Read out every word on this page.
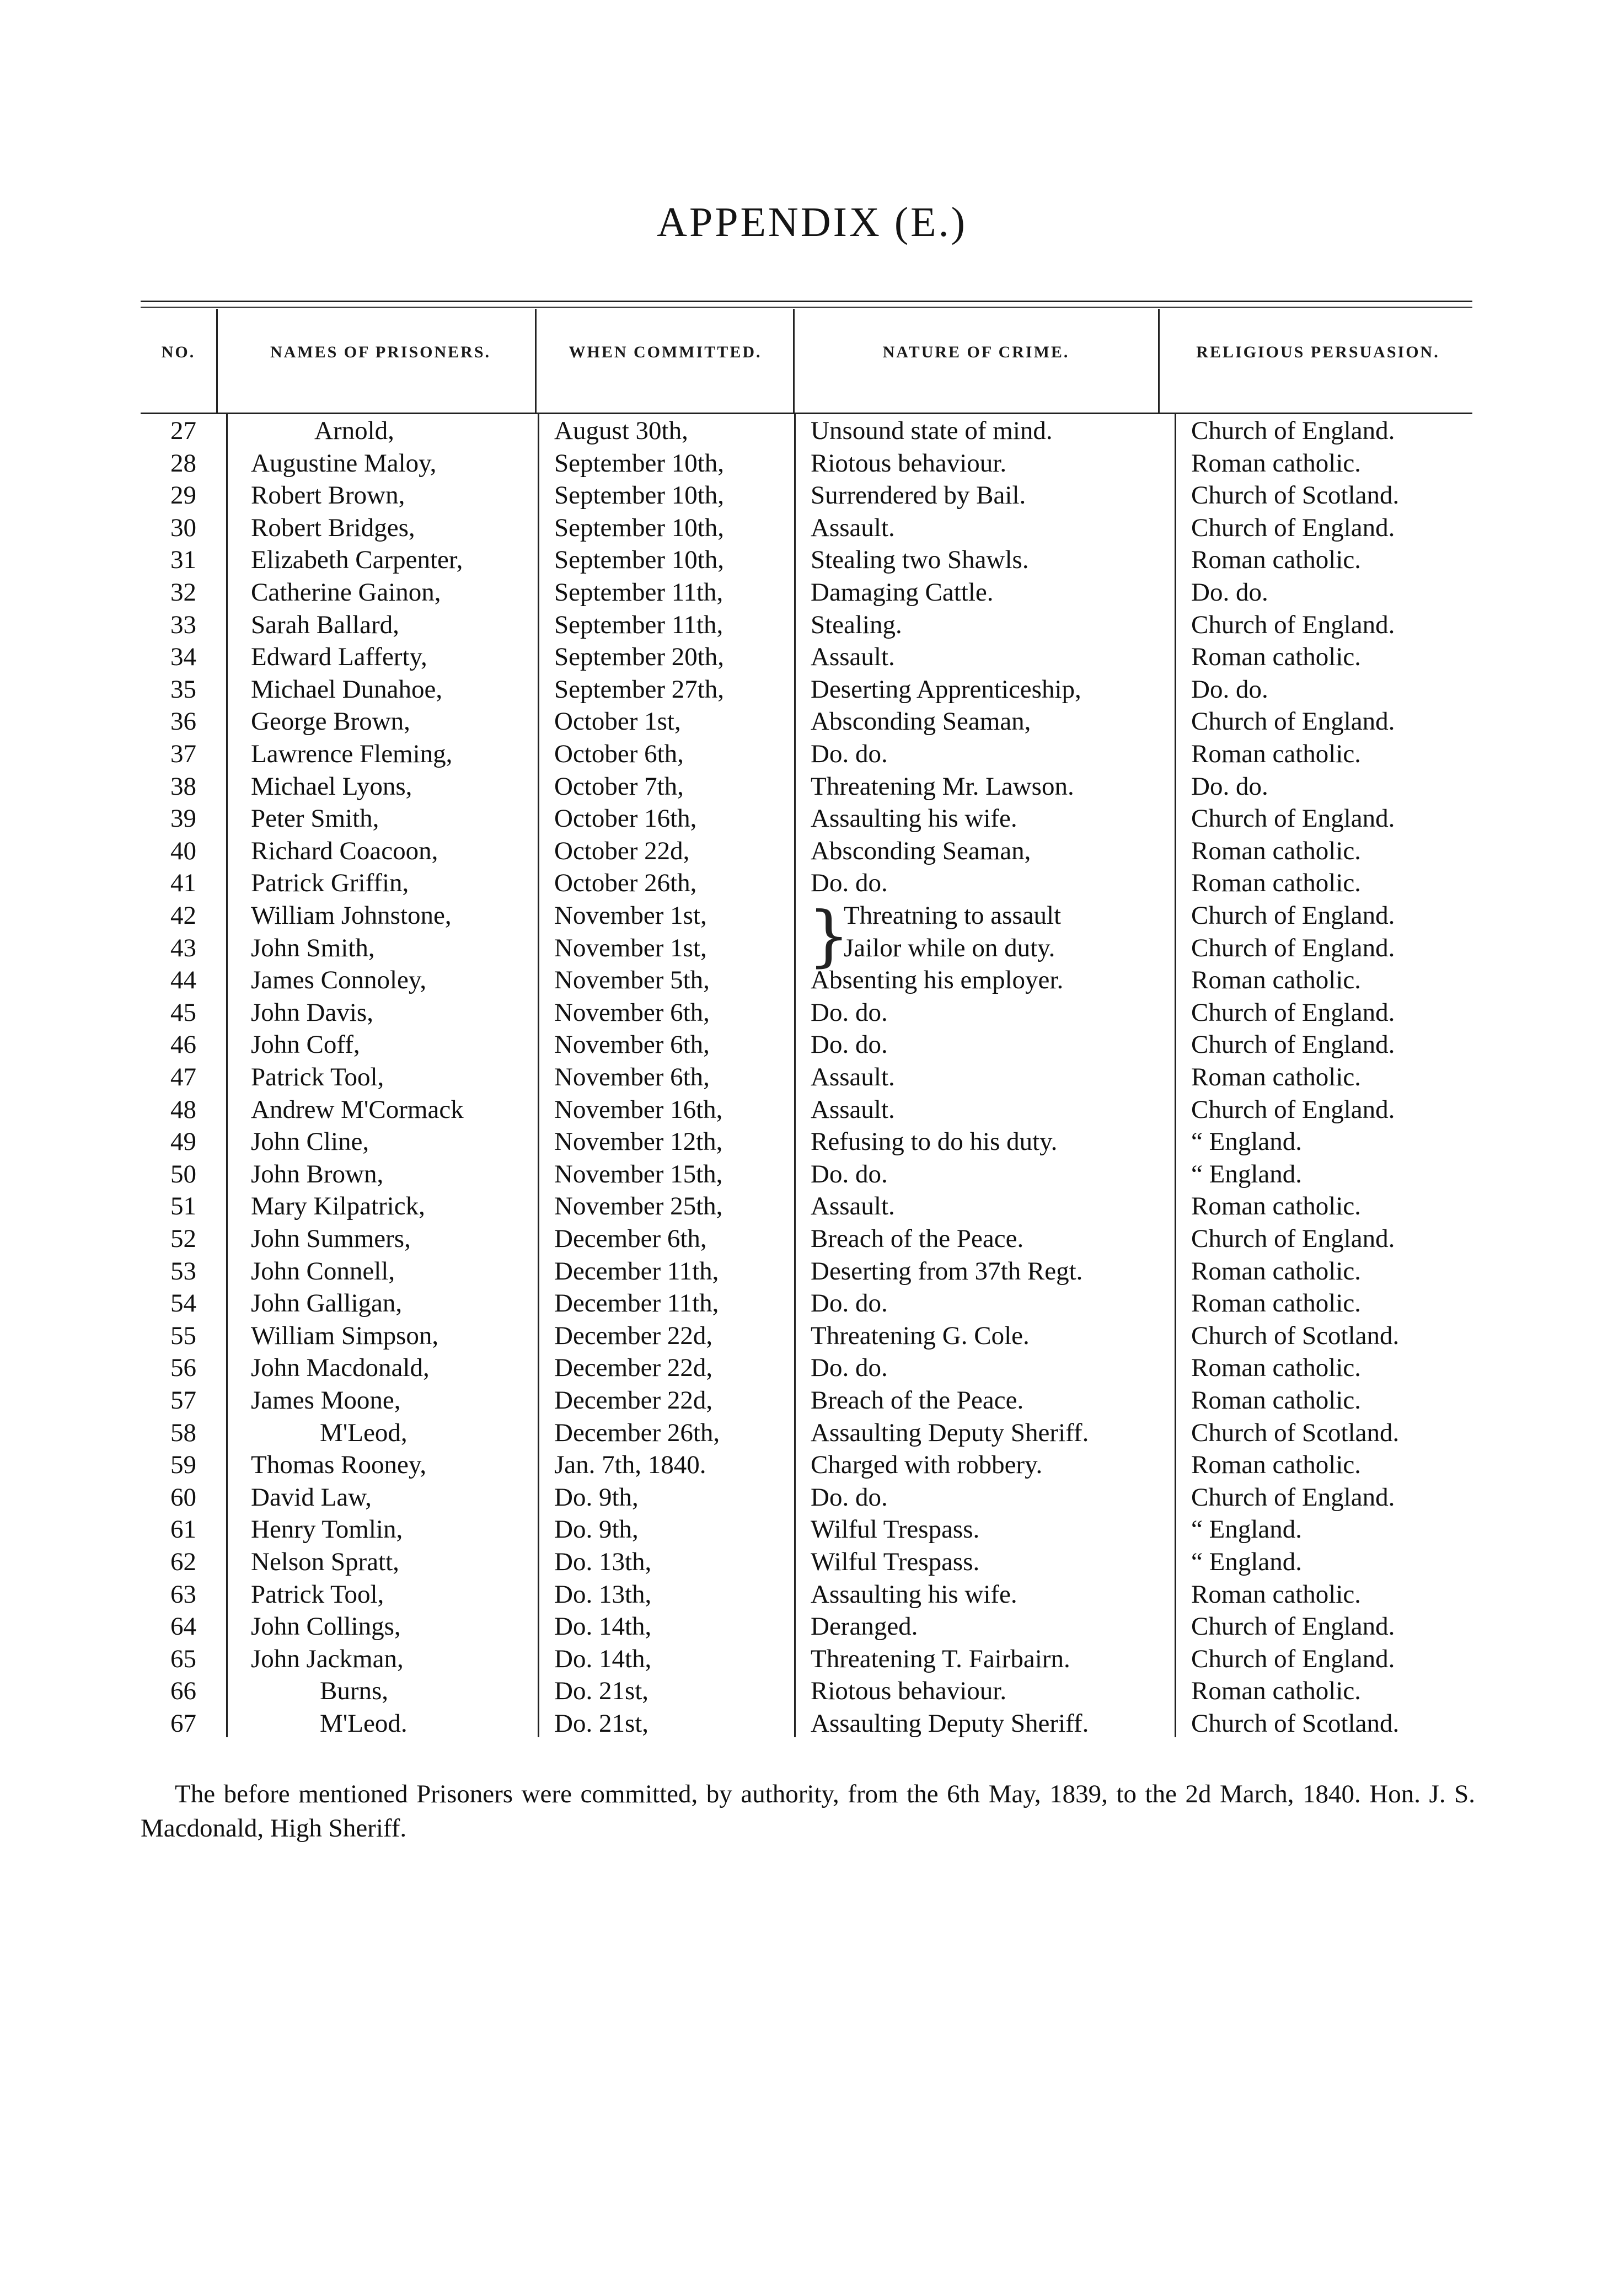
APPENDIX (E.)
NO.	NAMES OF PRISONERS.	WHEN COMMITTED.	NATURE OF CRIME.	RELIGIOUS PERSUASION.
27	Arnold,	August 30th,	Unsound state of mind.	Church of England.
28	Augustine Maloy,	September 10th,	Riotous behaviour.	Roman catholic.
29	Robert Brown,	September 10th,	Surrendered by Bail.	Church of Scotland.
30	Robert Bridges,	September 10th,	Assault.	Church of England.
31	Elizabeth Carpenter,	September 10th,	Stealing two Shawls.	Roman catholic.
32	Catherine Gainon,	September 11th,	Damaging Cattle.	Do. do.
33	Sarah Ballard,	September 11th,	Stealing.	Church of England.
34	Edward Lafferty,	September 20th,	Assault.	Roman catholic.
35	Michael Dunahoe,	September 27th,	Deserting Apprenticeship,	Do. do.
36	George Brown,	October 1st,	Absconding Seaman,	Church of England.
37	Lawrence Fleming,	October 6th,	Do. do.	Roman catholic.
38	Michael Lyons,	October 7th,	Threatening Mr. Lawson.	Do. do.
39	Peter Smith,	October 16th,	Assaulting his wife.	Church of England.
40	Richard Coacoon,	October 22d,	Absconding Seaman,	Roman catholic.
41	Patrick Griffin,	October 26th,	Do. do.	Roman catholic.
42	William Johnstone,	November 1st,	Threatning to assault	Church of England.
43	John Smith,	November 1st,	Jailor while on duty.	Church of England.
44	James Connoley,	November 5th,	Absenting his employer.	Roman catholic.
45	John Davis,	November 6th,	Do. do.	Church of England.
46	John Coff,	November 6th,	Do. do.	Church of England.
47	Patrick Tool,	November 6th,	Assault.	Roman catholic.
48	Andrew M'Cormack	November 16th,	Assault.	Church of England.
49	John Cline,	November 12th,	Refusing to do his duty.	“ England.
50	John Brown,	November 15th,	Do. do.	“ England.
51	Mary Kilpatrick,	November 25th,	Assault.	Roman catholic.
52	John Summers,	December 6th,	Breach of the Peace.	Church of England.
53	John Connell,	December 11th,	Deserting from 37th Regt.	Roman catholic.
54	John Galligan,	December 11th,	Do. do.	Roman catholic.
55	William Simpson,	December 22d,	Threatening G. Cole.	Church of Scotland.
56	John Macdonald,	December 22d,	Do. do.	Roman catholic.
57	James Moone,	December 22d,	Breach of the Peace.	Roman catholic.
58	M'Leod,	December 26th,	Assaulting Deputy Sheriff.	Church of Scotland.
59	Thomas Rooney,	Jan. 7th, 1840.	Charged with robbery.	Roman catholic.
60	David Law,	Do. 9th,	Do. do.	Church of England.
61	Henry Tomlin,	Do. 9th,	Wilful Trespass.	“ England.
62	Nelson Spratt,	Do. 13th,	Wilful Trespass.	“ England.
63	Patrick Tool,	Do. 13th,	Assaulting his wife.	Roman catholic.
64	John Collings,	Do. 14th,	Deranged.	Church of England.
65	John Jackman,	Do. 14th,	Threatening T. Fairbairn.	Church of England.
66	Burns,	Do. 21st,	Riotous behaviour.	Roman catholic.
67	M'Leod.	Do. 21st,	Assaulting Deputy Sheriff.	Church of Scotland.
}
The before mentioned Prisoners were committed, by authority, from the 6th May, 1839, to the 2d March, 1840. Hon. J. S. Macdonald, High Sheriff.
